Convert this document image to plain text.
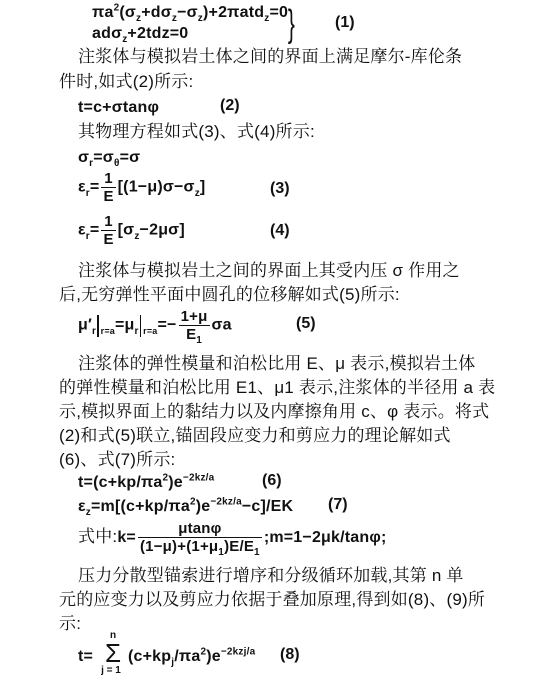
$\pi a^2(\sigma_z+d\sigma_z-\sigma_z)+2\pi atd_z=0$
adσ$_z$+2tdz=0	}	(1)
注浆体与模拟岩土体之间的界面上满足摩尔-库伦条
件时,如式(2)所示:
t=c+σtanφ	(2)
其物理方程如式(3)、式(4)所示:
$\sigma_r=\sigma_\theta=\sigma$
$\varepsilon_r= \frac{1}{E} [(1-\mu)\sigma-\sigma_z]$	(3)
$\varepsilon_r= \frac{1}{E} [\sigma_z-2\mu\sigma]$	(4)
注浆体与模拟岩土之间的界面上其受内压 σ 作用之
后,无穷弹性平面中圆孔的位移解如式(5)所示:
$\mu'_r$ $_{r=a}=\mu_r$ $_{r=a}=- \frac{1+\mu}{E_1}$ σa	(5)
注浆体的弹性模量和泊松比用 E、μ 表示,模拟岩土体
的弹性模量和泊松比用 E1、μ1 表示,注浆体的半径用 a 表
示,模拟界面上的黏结力以及内摩擦角用 c、φ 表示。将式
(2)和式(5)联立,锚固段应变力和剪应力的理论解如式
(6)、式(7)所示:
$t=(c+kp/\pi a^2)e^{-2kz/a}$	(6)
$\varepsilon_z=m[(c+kp/\pi a^2)e^{-2kz/a}-c]/EK$ (7)
式中:k= $\frac{\mu\tan\varphi}{(1-\mu)+(1+\mu_1)E/E_1}$ ;m=1−2μk/tanφ;
压力分散型锚索进行增序和分级循环加载,其第 n 单
元的应变力以及剪应力依据于叠加原理,得到如(8)、(9)所
示:
t=
n
Σ
j = 1
$(c+kp_j/\pi a^2)e^{-2kzj/a}$ (8)
